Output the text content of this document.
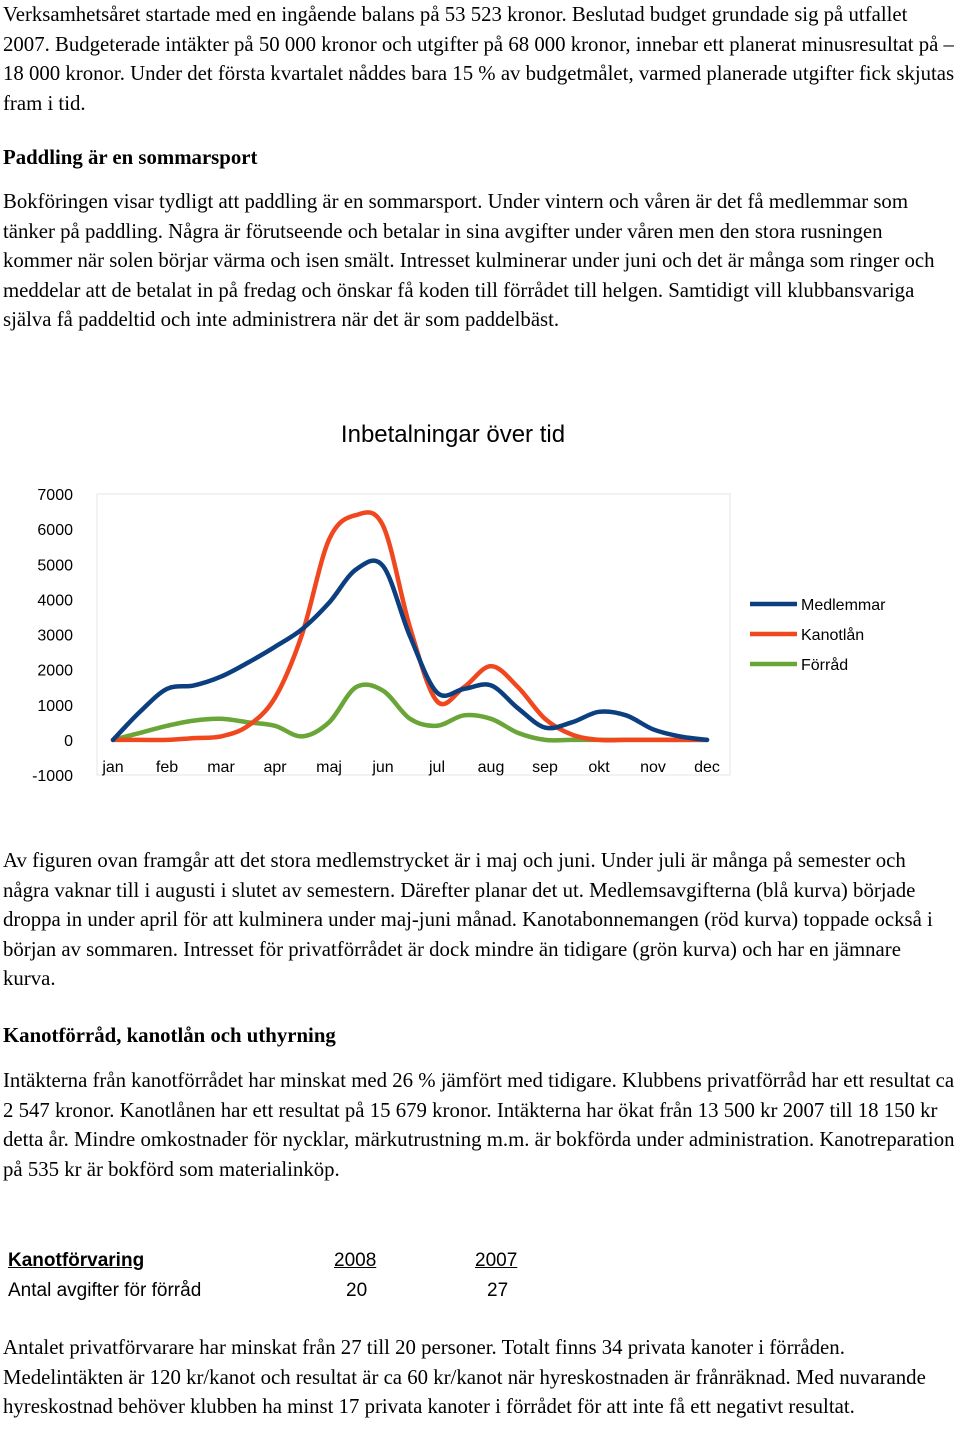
Verksamhetsåret startade med en ingående balans på 53 523 kronor. Beslutad budget grundade sig på utfallet 2007. Budgeterade intäkter på 50 000 kronor och utgifter på 68 000 kronor, innebar ett planerat minusresultat på – 18 000 kronor. Under det första kvartalet nåddes bara 15 % av budgetmålet, varmed planerade utgifter fick skjutas fram i tid.

Paddling är en sommarsport

Bokföringen visar tydligt att paddling är en sommarsport. Under vintern och våren är det få medlemmar som tänker på paddling. Några är förutseende och betalar in sina avgifter under våren men den stora rusningen kommer när solen börjar värma och isen smält. Intresset kulminerar under juni och det är många som ringer och meddelar att de betalat in på fredag och önskar få koden till förrådet till helgen. Samtidigt vill klubbansvariga själva få paddeltid och inte administrera när det är som paddelbäst.

Inbetalningar över tid
7000
6000
5000
4000
3000
2000
1000
0
-1000
jan feb mar apr maj jun jul aug sep okt nov dec
Medlemmar
Kanotlån
Förråd

Av figuren ovan framgår att det stora medlemstrycket är i maj och juni. Under juli är många på semester och några vaknar till i augusti i slutet av semestern. Därefter planar det ut. Medlemsavgifterna (blå kurva) började droppa in under april för att kulminera under maj-juni månad. Kanotabonnemangen (röd kurva) toppade också i början av sommaren. Intresset för privatförrådet är dock mindre än tidigare (grön kurva) och har en jämnare kurva.

Kanotförråd, kanotlån och uthyrning

Intäkterna från kanotförrådet har minskat med 26 % jämfört med tidigare. Klubbens privatförråd har ett resultat ca 2 547 kronor. Kanotlånen har ett resultat på 15 679 kronor. Intäkterna har ökat från 13 500 kr 2007 till 18 150 kr detta år. Mindre omkostnader för nycklar, märkutrustning m.m. är bokförda under administration. Kanotreparation på 535 kr är bokförd som materialinköp.

Kanotförvaring	2008	2007
Antal avgifter för förråd	20	27

Antalet privatförvarare har minskat från 27 till 20 personer. Totalt finns 34 privata kanoter i förråden. Medelintäkten är 120 kr/kanot och resultat är ca 60 kr/kanot när hyreskostnaden är frånräknad. Med nuvarande hyreskostnad behöver klubben ha minst 17 privata kanoter i förrådet för att inte få ett negativt resultat.
